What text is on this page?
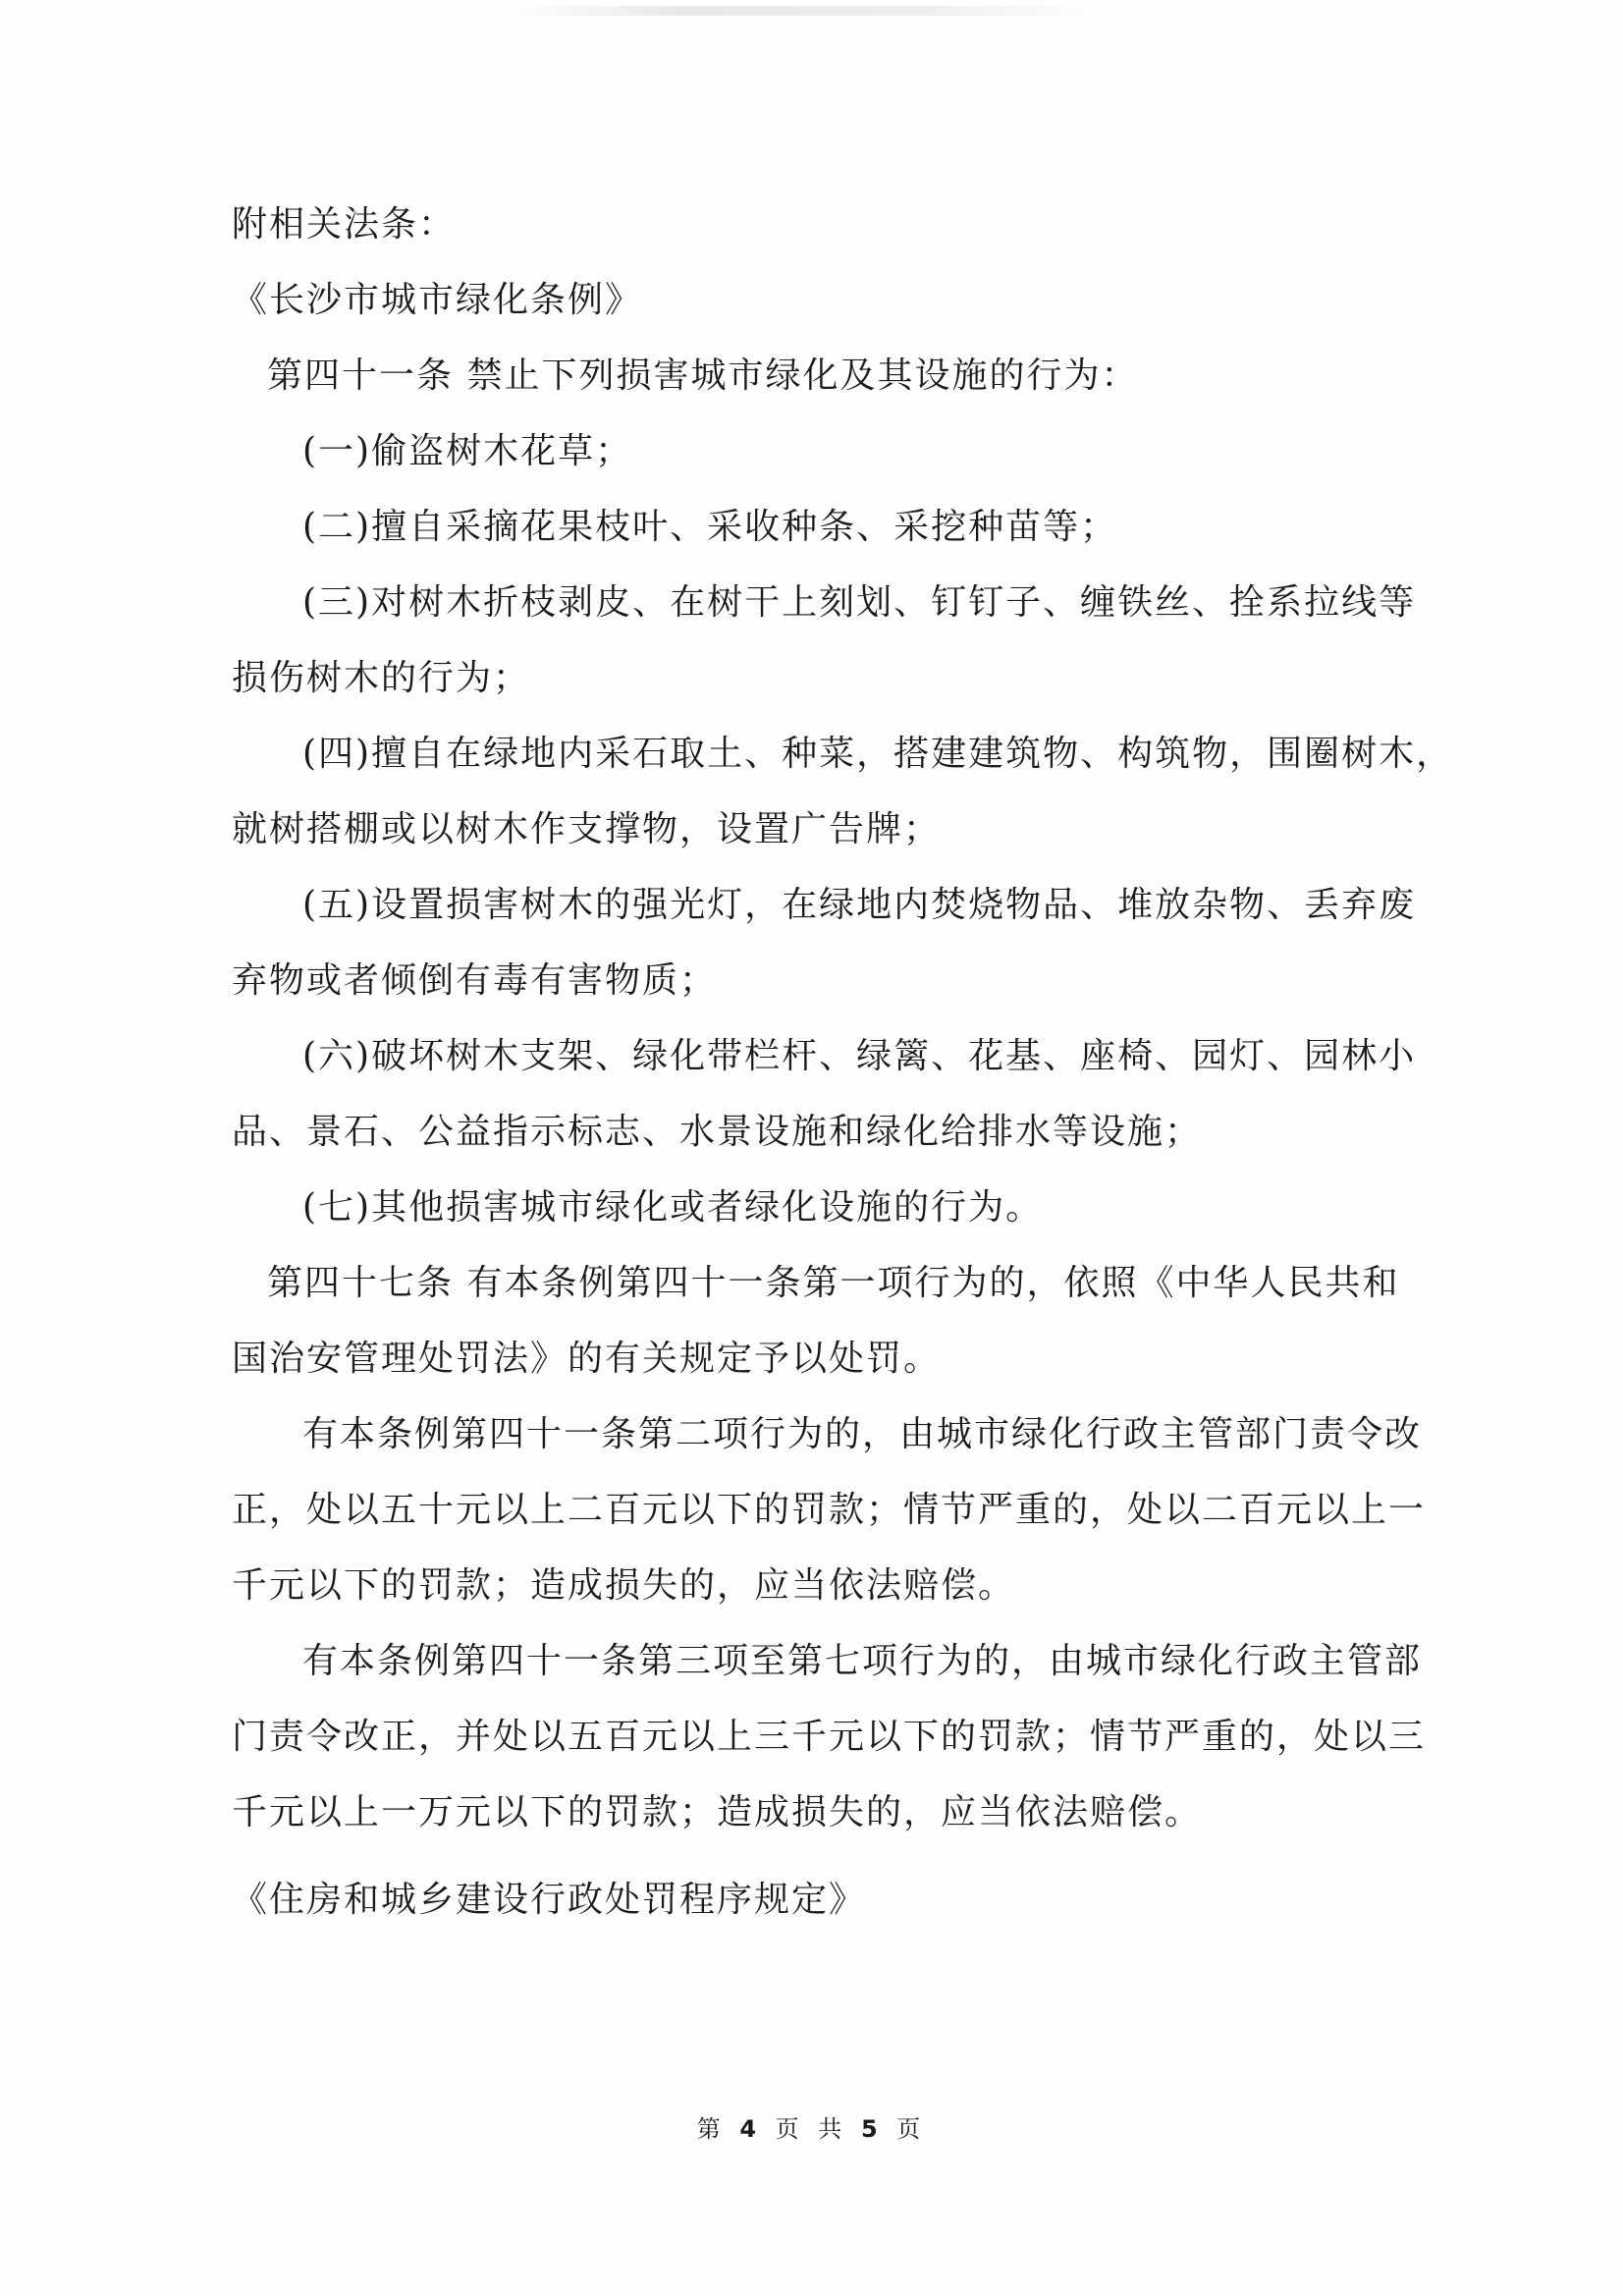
附相关法条：
《长沙市城市绿化条例》
第四十一条 禁止下列损害城市绿化及其设施的行为：
(一)偷盗树木花草；
(二)擅自采摘花果枝叶、采收种条、采挖种苗等；
(三)对树木折枝剥皮、在树干上刻划、钉钉子、缠铁丝、拴系拉线等
损伤树木的行为；
(四)擅自在绿地内采石取土、种菜，搭建建筑物、构筑物，围圈树木，
就树搭棚或以树木作支撑物，设置广告牌；
(五)设置损害树木的强光灯，在绿地内焚烧物品、堆放杂物、丢弃废
弃物或者倾倒有毒有害物质；
(六)破坏树木支架、绿化带栏杆、绿篱、花基、座椅、园灯、园林小
品、景石、公益指示标志、水景设施和绿化给排水等设施；
(七)其他损害城市绿化或者绿化设施的行为。
第四十七条 有本条例第四十一条第一项行为的，依照《中华人民共和
国治安管理处罚法》的有关规定予以处罚。
有本条例第四十一条第二项行为的，由城市绿化行政主管部门责令改
正，处以五十元以上二百元以下的罚款；情节严重的，处以二百元以上一
千元以下的罚款；造成损失的，应当依法赔偿。
有本条例第四十一条第三项至第七项行为的，由城市绿化行政主管部
门责令改正，并处以五百元以上三千元以下的罚款；情节严重的，处以三
千元以上一万元以下的罚款；造成损失的，应当依法赔偿。
《住房和城乡建设行政处罚程序规定》
第 4 页 共 5 页
